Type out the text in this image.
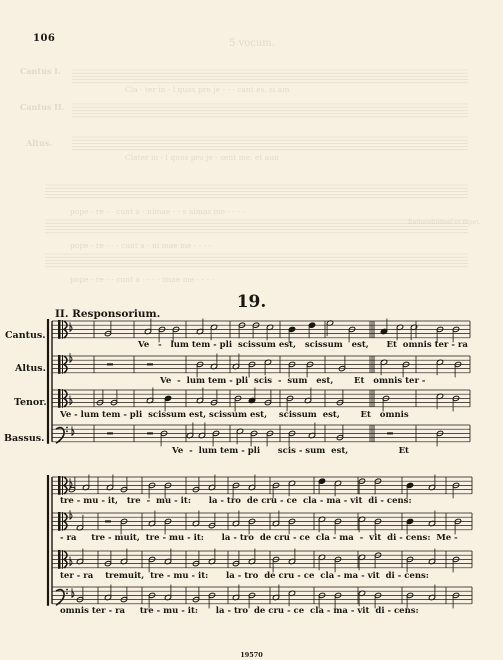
106	5 vocum.
Cantus I.
Cantus II.
Altus.
Cla - ter in - l quos pro je - - - cant es, si am
Clater in - l quos pro je - sent me, et aun
pope - re - - cunt a - nimae - - s aimas me - - - -
pope - re - - - cunt a - ni mae me - - - -
pope - re - - cunt a - - - - imae me - - - -
Entnsteliiidea! et repet.
19.
II. Responsorium.
Cantus.
Altus.
Tenor.
Bassus.
Ve   -   lum tem - pli  scissum est,   scissum   est,      Et  omnis ter - ra
Ve  -  lum tem - pli  scis  -  sum   est,       Et   omnis ter -
Ve - lum tem - pli  scissum est, scissum est,    scissum  est,       Et   omnis
Ve  -  lum tem - pli      scis - sum  est,                 Et
tre - mu - it,   tre  -  mu - it:      la - tro  de cru - ce  cla - ma - vit  di - cens:
- ra     tre - muit,  tre - mu - it:      la - tro  de cru - ce  cla - ma  -  vit  di - cens:  Me -
ter - ra    tremuit,  tre - mu - it:      la - tro  de cru - ce  cla - ma - vit  di - cens:
omnis ter - ra     tre - mu - it:      la - tro  de cru - ce  cla - ma - vit  di - cens:
19570
